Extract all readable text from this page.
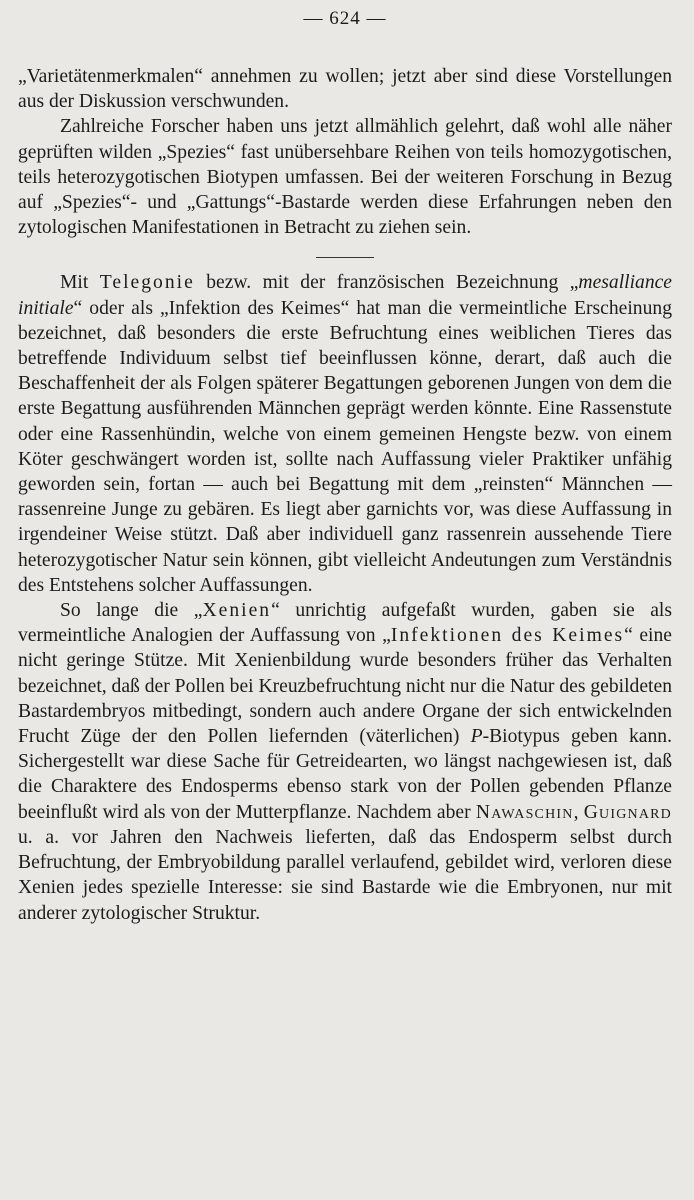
— 624 —

„Varietätenmerkmalen“ annehmen zu wollen; jetzt aber sind diese Vorstellungen aus der Diskussion verschwunden.

Zahlreiche Forscher haben uns jetzt allmählich gelehrt, daß wohl alle näher geprüften wilden „Spezies“ fast unübersehbare Reihen von teils homozygotischen, teils heterozygotischen Biotypen umfassen. Bei der weiteren Forschung in Bezug auf „Spezies“- und „Gattungs“-Bastarde werden diese Erfahrungen neben den zytologischen Manifestationen in Betracht zu ziehen sein.

Mit Telegonie bezw. mit der französischen Bezeichnung „mesalliance initiale“ oder als „Infektion des Keimes“ hat man die vermeintliche Erscheinung bezeichnet, daß besonders die erste Befruchtung eines weiblichen Tieres das betreffende Individuum selbst tief beeinflussen könne, derart, daß auch die Beschaffenheit der als Folgen späterer Begattungen geborenen Jungen von dem die erste Begattung ausführenden Männchen geprägt werden könnte. Eine Rassenstute oder eine Rassenhündin, welche von einem gemeinen Hengste bezw. von einem Köter geschwängert worden ist, sollte nach Auffassung vieler Praktiker unfähig geworden sein, fortan — auch bei Begattung mit dem „reinsten“ Männchen — rassenreine Junge zu gebären. Es liegt aber garnichts vor, was diese Auffassung in irgendeiner Weise stützt. Daß aber individuell ganz rassenrein aussehende Tiere heterozygotischer Natur sein können, gibt vielleicht Andeutungen zum Verständnis des Entstehens solcher Auffassungen.

So lange die „Xenien“ unrichtig aufgefaßt wurden, gaben sie als vermeintliche Analogien der Auffassung von „Infektionen des Keimes“ eine nicht geringe Stütze. Mit Xenienbildung wurde besonders früher das Verhalten bezeichnet, daß der Pollen bei Kreuzbefruchtung nicht nur die Natur des gebildeten Bastardembryos mitbedingt, sondern auch andere Organe der sich entwickelnden Frucht Züge der den Pollen liefernden (väterlichen) P-Biotypus geben kann. Sichergestellt war diese Sache für Getreidearten, wo längst nachgewiesen ist, daß die Charaktere des Endosperms ebenso stark von der Pollen gebenden Pflanze beeinflußt wird als von der Mutterpflanze. Nachdem aber Nawaschin, Guignard u. a. vor Jahren den Nachweis lieferten, daß das Endosperm selbst durch Befruchtung, der Embryobildung parallel verlaufend, gebildet wird, verloren diese Xenien jedes spezielle Interesse: sie sind Bastarde wie die Embryonen, nur mit anderer zytologischer Struktur.
